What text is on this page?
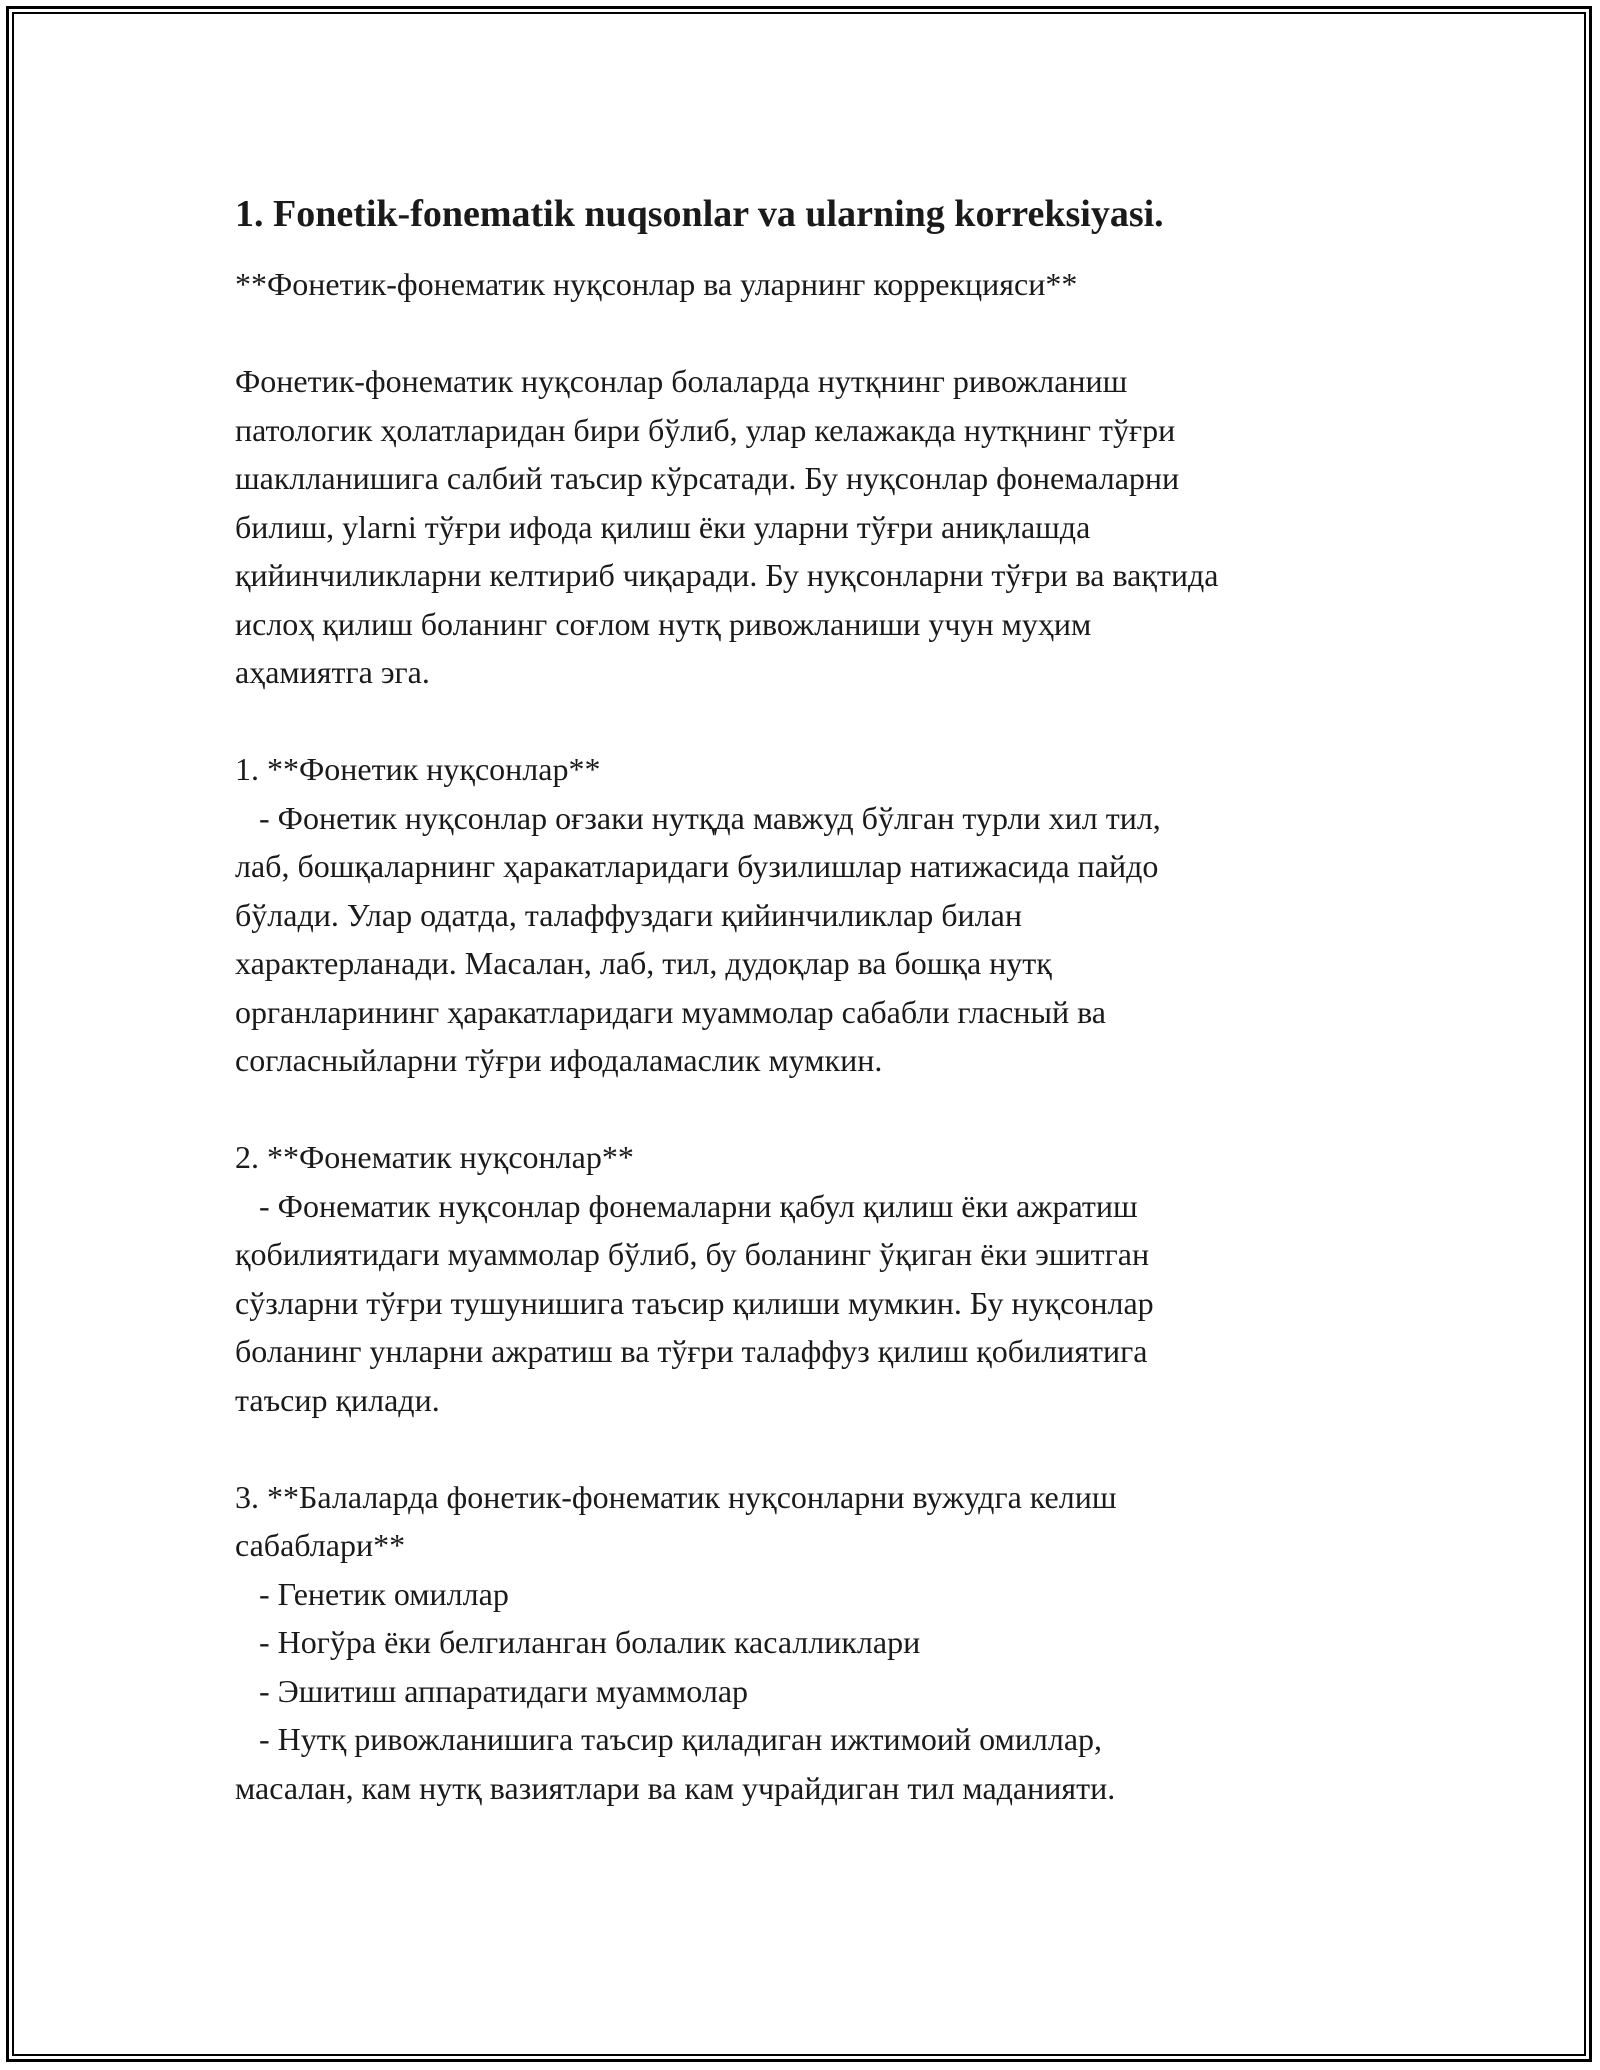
1. Fonetik-fonematik nuqsonlar va ularning korreksiyasi.

**Фонетик-фонематик нуқсонлар ва уларнинг коррекцияси**

Фонетик-фонематик нуқсонлар болаларда нутқнинг ривожланиш
патологик ҳолатларидан бири бўлиб, улар келажакда нутқнинг тўғри
шаклланишига салбий таъсир кўрсатади. Бу нуқсонлар фонемаларни
билиш, ylarni тўғри ифода қилиш ёки уларни тўғри аниқлашда
қийинчиликларни келтириб чиқаради. Бу нуқсонларни тўғри ва вақтида
ислоҳ қилиш боланинг соғлом нутқ ривожланиши учун муҳим
аҳамиятга эга.

1. **Фонетик нуқсонлар**
- Фонетик нуқсонлар оғзаки нутқда мавжуд бўлган турли хил тил,
лаб, бошқаларнинг ҳаракатларидаги бузилишлар натижасида пайдо
бўлади. Улар одатда, талаффуздаги қийинчиликлар билан
характерланади. Масалан, лаб, тил, дудоқлар ва бошқа нутқ
органларининг ҳаракатларидаги муаммолар сабабли гласный ва
согласныйларни тўғри ифодаламаслик мумкин.

2. **Фонематик нуқсонлар**
- Фонематик нуқсонлар фонемаларни қабул қилиш ёки ажратиш
қобилиятидаги муаммолар бўлиб, бу боланинг ўқиган ёки эшитган
сўзларни тўғри тушунишига таъсир қилиши мумкин. Бу нуқсонлар
боланинг унларни ажратиш ва тўғри талаффуз қилиш қобилиятига
таъсир қилади.

3. **Балаларда фонетик-фонематик нуқсонларни вужудга келиш
сабаблари**
- Генетик омиллар
- Ногўра ёки белгиланган болалик касалликлари
- Эшитиш аппаратидаги муаммолар
- Нутқ ривожланишига таъсир қиладиган ижтимоий омиллар,
масалан, кам нутқ вазиятлари ва кам учрайдиган тил маданияти.
